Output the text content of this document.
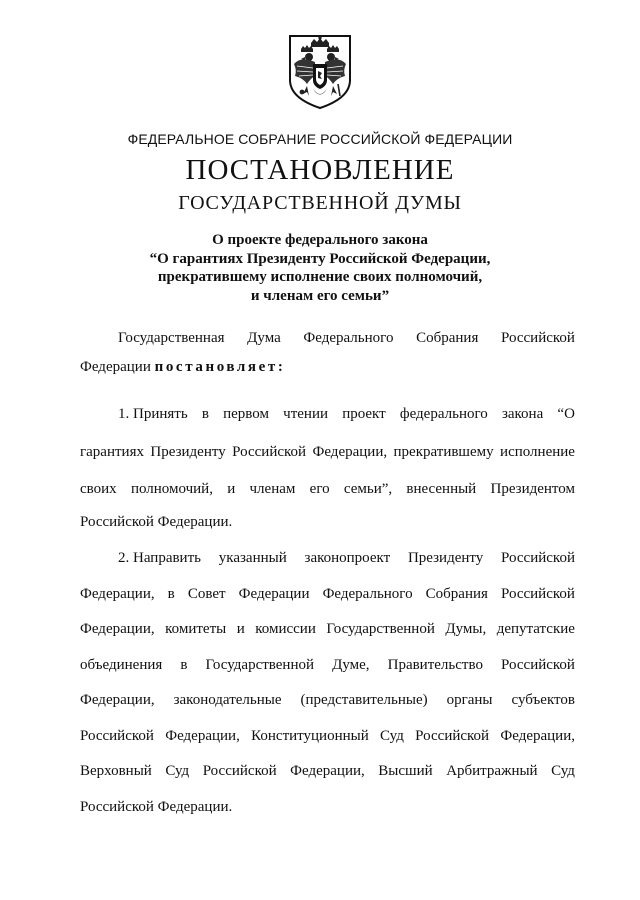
ФЕДЕРАЛЬНОЕ СОБРАНИЕ РОССИЙСКОЙ ФЕДЕРАЦИИ
ПОСТАНОВЛЕНИЕ
ГОСУДАРСТВЕННОЙ ДУМЫ
О проекте федерального закона
“О гарантиях Президенту Российской Федерации,
прекратившему исполнение своих полномочий,
и членам его семьи”
Государственная Дума Федерального Собрания Российской
Федерации постановляет:
1. Принять в первом чтении проект федерального закона “О
гарантиях Президенту Российской Федерации, прекратившему исполнение
своих полномочий, и членам его семьи”, внесенный Президентом
Российской Федерации.
2. Направить указанный законопроект Президенту Российской
Федерации, в Совет Федерации Федерального Собрания Российской
Федерации, комитеты и комиссии Государственной Думы, депутатские
объединения в Государственной Думе, Правительство Российской
Федерации, законодательные (представительные) органы субъектов
Российской Федерации, Конституционный Суд Российской Федерации,
Верховный Суд Российской Федерации, Высший Арбитражный Суд
Российской Федерации.
